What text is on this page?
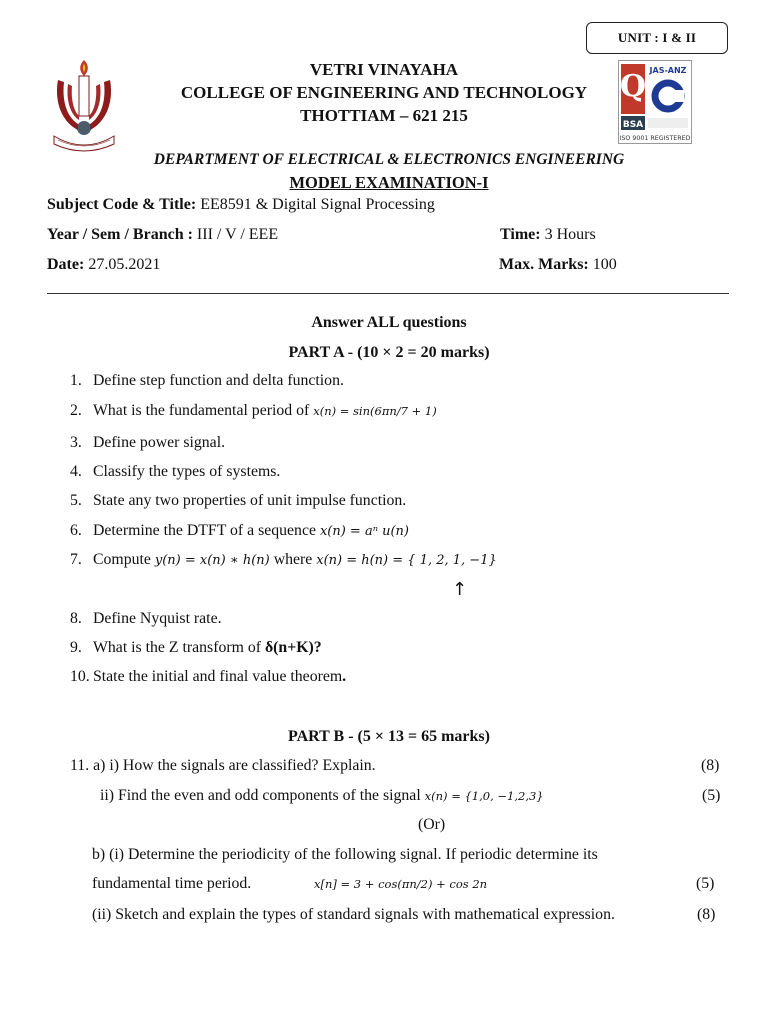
UNIT : I & II
VETRI VINAYAHA
COLLEGE OF ENGINEERING AND TECHNOLOGY
THOTTIAM – 621 215
Q JAS-ANZ
BSA
ISO 9001 REGISTERED
DEPARTMENT OF ELECTRICAL & ELECTRONICS ENGINEERING
MODEL EXAMINATION-I
Subject Code & Title: EE8591 & Digital Signal Processing
Year / Sem / Branch : III / V / EEE	Time: 3 Hours
Date: 27.05.2021	Max. Marks: 100
Answer ALL questions
PART A - (10 × 2 = 20 marks)
1. Define step function and delta function.
2. What is the fundamental period of x(n) = sin(6πn/7 + 1)
3. Define power signal.
4. Classify the types of systems.
5. State any two properties of unit impulse function.
6. Determine the DTFT of a sequence x(n) = aⁿ u(n)
7. Compute y(n) = x(n) ∗ h(n) where x(n) = h(n) = { 1, 2, 1, −1}
↑
8. Define Nyquist rate.
9. What is the Z transform of δ(n+K)?
10. State the initial and final value theorem.
PART B - (5 × 13 = 65 marks)
11. a) i) How the signals are classified? Explain.	(8)
ii) Find the even and odd components of the signal x(n) = {1,0, −1,2,3}	(5)
(Or)
b) (i) Determine the periodicity of the following signal. If periodic determine its
fundamental time period.	x[n] = 3 + cos(πn/2) + cos 2n	(5)
(ii) Sketch and explain the types of standard signals with mathematical expression.	(8)
